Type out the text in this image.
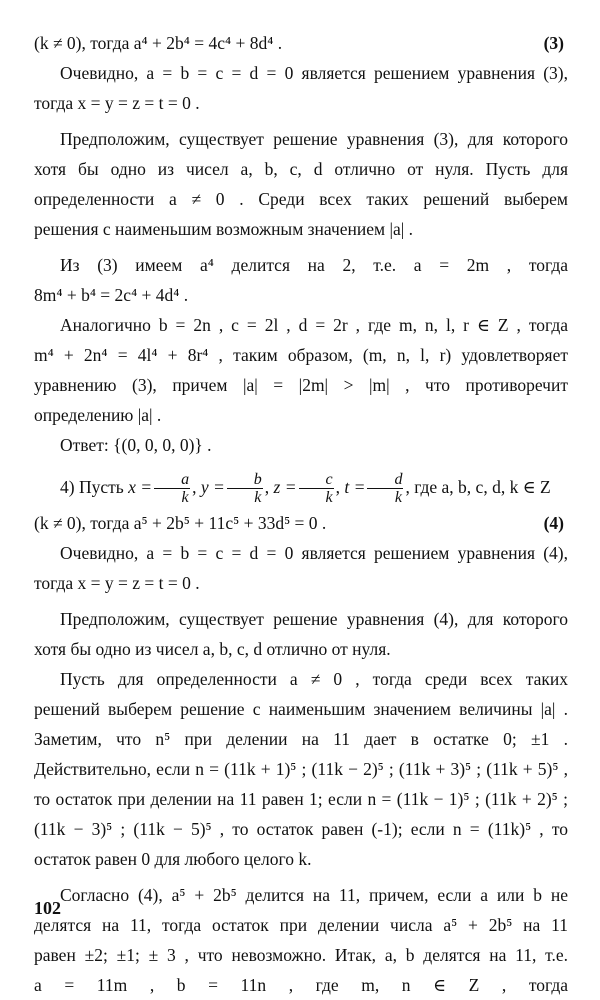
(k ≠ 0), тогда a⁴ + 2b⁴ = 4c⁴ + 8d⁴ .	(3)
Очевидно, a = b = c = d = 0 является решением уравнения (3),
тогда x = y = z = t = 0 .
Предположим, существует решение уравнения (3), для которого
хотя бы одно из чисел a, b, c, d отлично от нуля. Пусть для
определенности a ≠ 0 . Среди всех таких решений выберем
решения с наименьшим возможным значением |a| .
Из (3) имеем a⁴ делится на 2, т.е. a = 2m , тогда
8m⁴ + b⁴ = 2c⁴ + 4d⁴ .
Аналогично b = 2n , c = 2l , d = 2r , где m, n, l, r ∈ Z , тогда
m⁴ + 2n⁴ = 4l⁴ + 8r⁴ , таким образом, (m, n, l, r) удовлетворяет
уравнению (3), причем |a| = |2m| > |m| , что противоречит
определению |a| .
Ответ: {(0, 0, 0, 0)} .
4) Пусть $x = \frac{a}{k}$ , $y = \frac{b}{k}$ , $z = \frac{c}{k}$ , $t = \frac{d}{k}$ , где a, b, c, d, k ∈ Z
(k ≠ 0), тогда a⁵ + 2b⁵ + 11c⁵ + 33d⁵ = 0 .	(4)
Очевидно, a = b = c = d = 0 является решением уравнения (4),
тогда x = y = z = t = 0 .
Предположим, существует решение уравнения (4), для которого
хотя бы одно из чисел a, b, c, d отлично от нуля.
Пусть для определенности a ≠ 0 , тогда среди всех таких
решений выберем решение с наименьшим значением величины |a| .
Заметим, что n⁵ при делении на 11 дает в остатке 0; ±1 .
Действительно, если n = (11k + 1)⁵ ; (11k − 2)⁵ ; (11k + 3)⁵ ; (11k + 5)⁵ ,
то остаток при делении на 11 равен 1; если n = (11k − 1)⁵ ; (11k + 2)⁵ ;
(11k − 3)⁵ ; (11k − 5)⁵ , то остаток равен (-1); если n = (11k)⁵ , то
остаток равен 0 для любого целого k.
Согласно (4), a⁵ + 2b⁵ делится на 11, причем, если a или b не
делятся на 11, тогда остаток при делении числа a⁵ + 2b⁵ на 11
равен ±2; ±1; ± 3 , что невозможно. Итак, a, b делятся на 11, т.е.
a = 11m , b = 11n , где m, n ∈ Z , тогда
102
